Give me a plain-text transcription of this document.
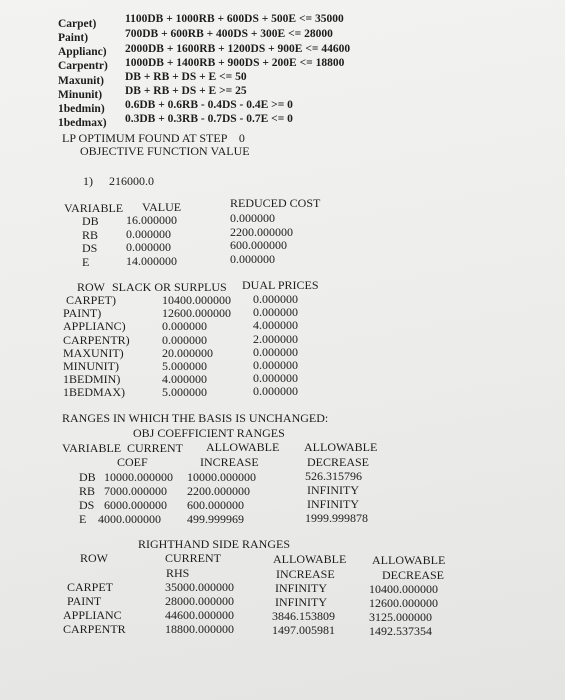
Carpet) 1100DB + 1000RB + 600DS + 500E <= 35000
Paint)	700DB + 600RB + 400DS + 300E <= 28000
Applianc) 2000DB + 1600RB + 1200DS + 900E <= 44600
Carpentr) 1000DB + 1400RB + 900DS + 200E <= 18800
Maxunit) DB + RB + DS + E <= 50
Minunit) DB + RB + DS + E >= 25
1bedmin) 0.6DB + 0.6RB - 0.4DS - 0.4E >= 0
1bedmax) 0.3DB + 0.3RB - 0.7DS - 0.7E <= 0
LP OPTIMUM FOUND AT STEP 0
OBJECTIVE FUNCTION VALUE
1) 216000.0
VARIABLE VALUE	REDUCED COST
DB 16.000000	0.000000
RB 0.000000	2200.000000
DS 0.000000	600.000000
E	14.000000	0.000000
ROW SLACK OR SURPLUS DUAL PRICES
CARPET)	10400.000000 0.000000
PAINT)	12600.000000 0.000000
APPLIANC)	0.000000	4.000000
CARPENTR)	0.000000	2.000000
MAXUNIT)	20.000000	0.000000
MINUNIT)	5.000000	0.000000
1BEDMIN)	4.000000	0.000000
1BEDMAX)	5.000000	0.000000
RANGES IN WHICH THE BASIS IS UNCHANGED:
OBJ COEFFICIENT RANGES
VARIABLE CURRENT ALLOWABLE ALLOWABLE
COEF	INCREASE	DECREASE
DB 10000.000000 10000.000000	526.315796
RB 7000.000000 2200.000000	INFINITY
DS 6000.000000 600.000000	INFINITY
E 4000.000000 499.999969	1999.999878
RIGHTHAND SIDE RANGES
ROW	CURRENT
RHS
ALLOWABLE
INCREASE
ALLOWABLE
DECREASE
CARPET	35000.000000	INFINITY	10400.000000
PAINT	28000.000000	INFINITY	12600.000000
APPLIANC	44600.000000	3846.153809	3125.000000
CARPENTR	18800.000000	1497.005981	1492.537354
